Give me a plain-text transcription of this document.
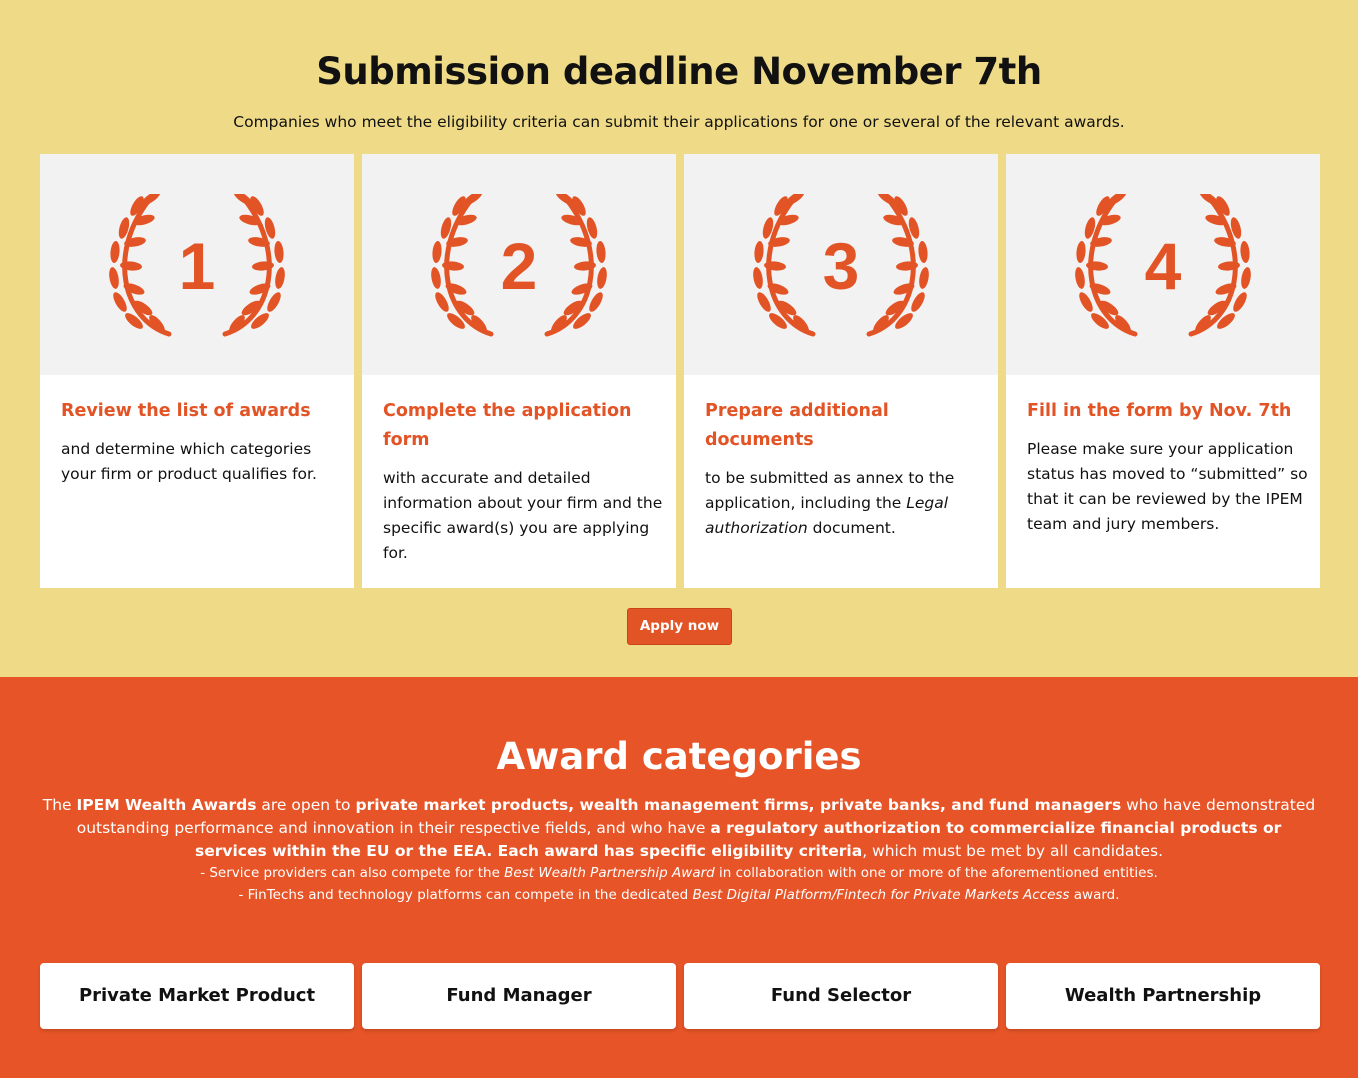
Submission deadline November 7th
Companies who meet the eligibility criteria can submit their applications for one or several of the relevant awards.
1
Review the list of awards
and determine which categories your firm or product qualifies for.
2
Complete the application form
with accurate and detailed information about your firm and the specific award(s) you are applying for.
3
Prepare additional documents
to be submitted as annex to the application, including the Legal authorization document.
4
Fill in the form by Nov. 7th
Please make sure your application status has moved to “submitted” so that it can be reviewed by the IPEM team and jury members.
Apply now
Award categories
The IPEM Wealth Awards are open to private market products, wealth management firms, private banks, and fund managers who have demonstrated outstanding performance and innovation in their respective fields, and who have a regulatory authorization to commercialize financial products or services within the EU or the EEA. Each award has specific eligibility criteria, which must be met by all candidates.
- Service providers can also compete for the Best Wealth Partnership Award in collaboration with one or more of the aforementioned entities.
- FinTechs and technology platforms can compete in the dedicated Best Digital Platform/Fintech for Private Markets Access award.
Private Market Product	Fund Manager	Fund Selector	Wealth Partnership
